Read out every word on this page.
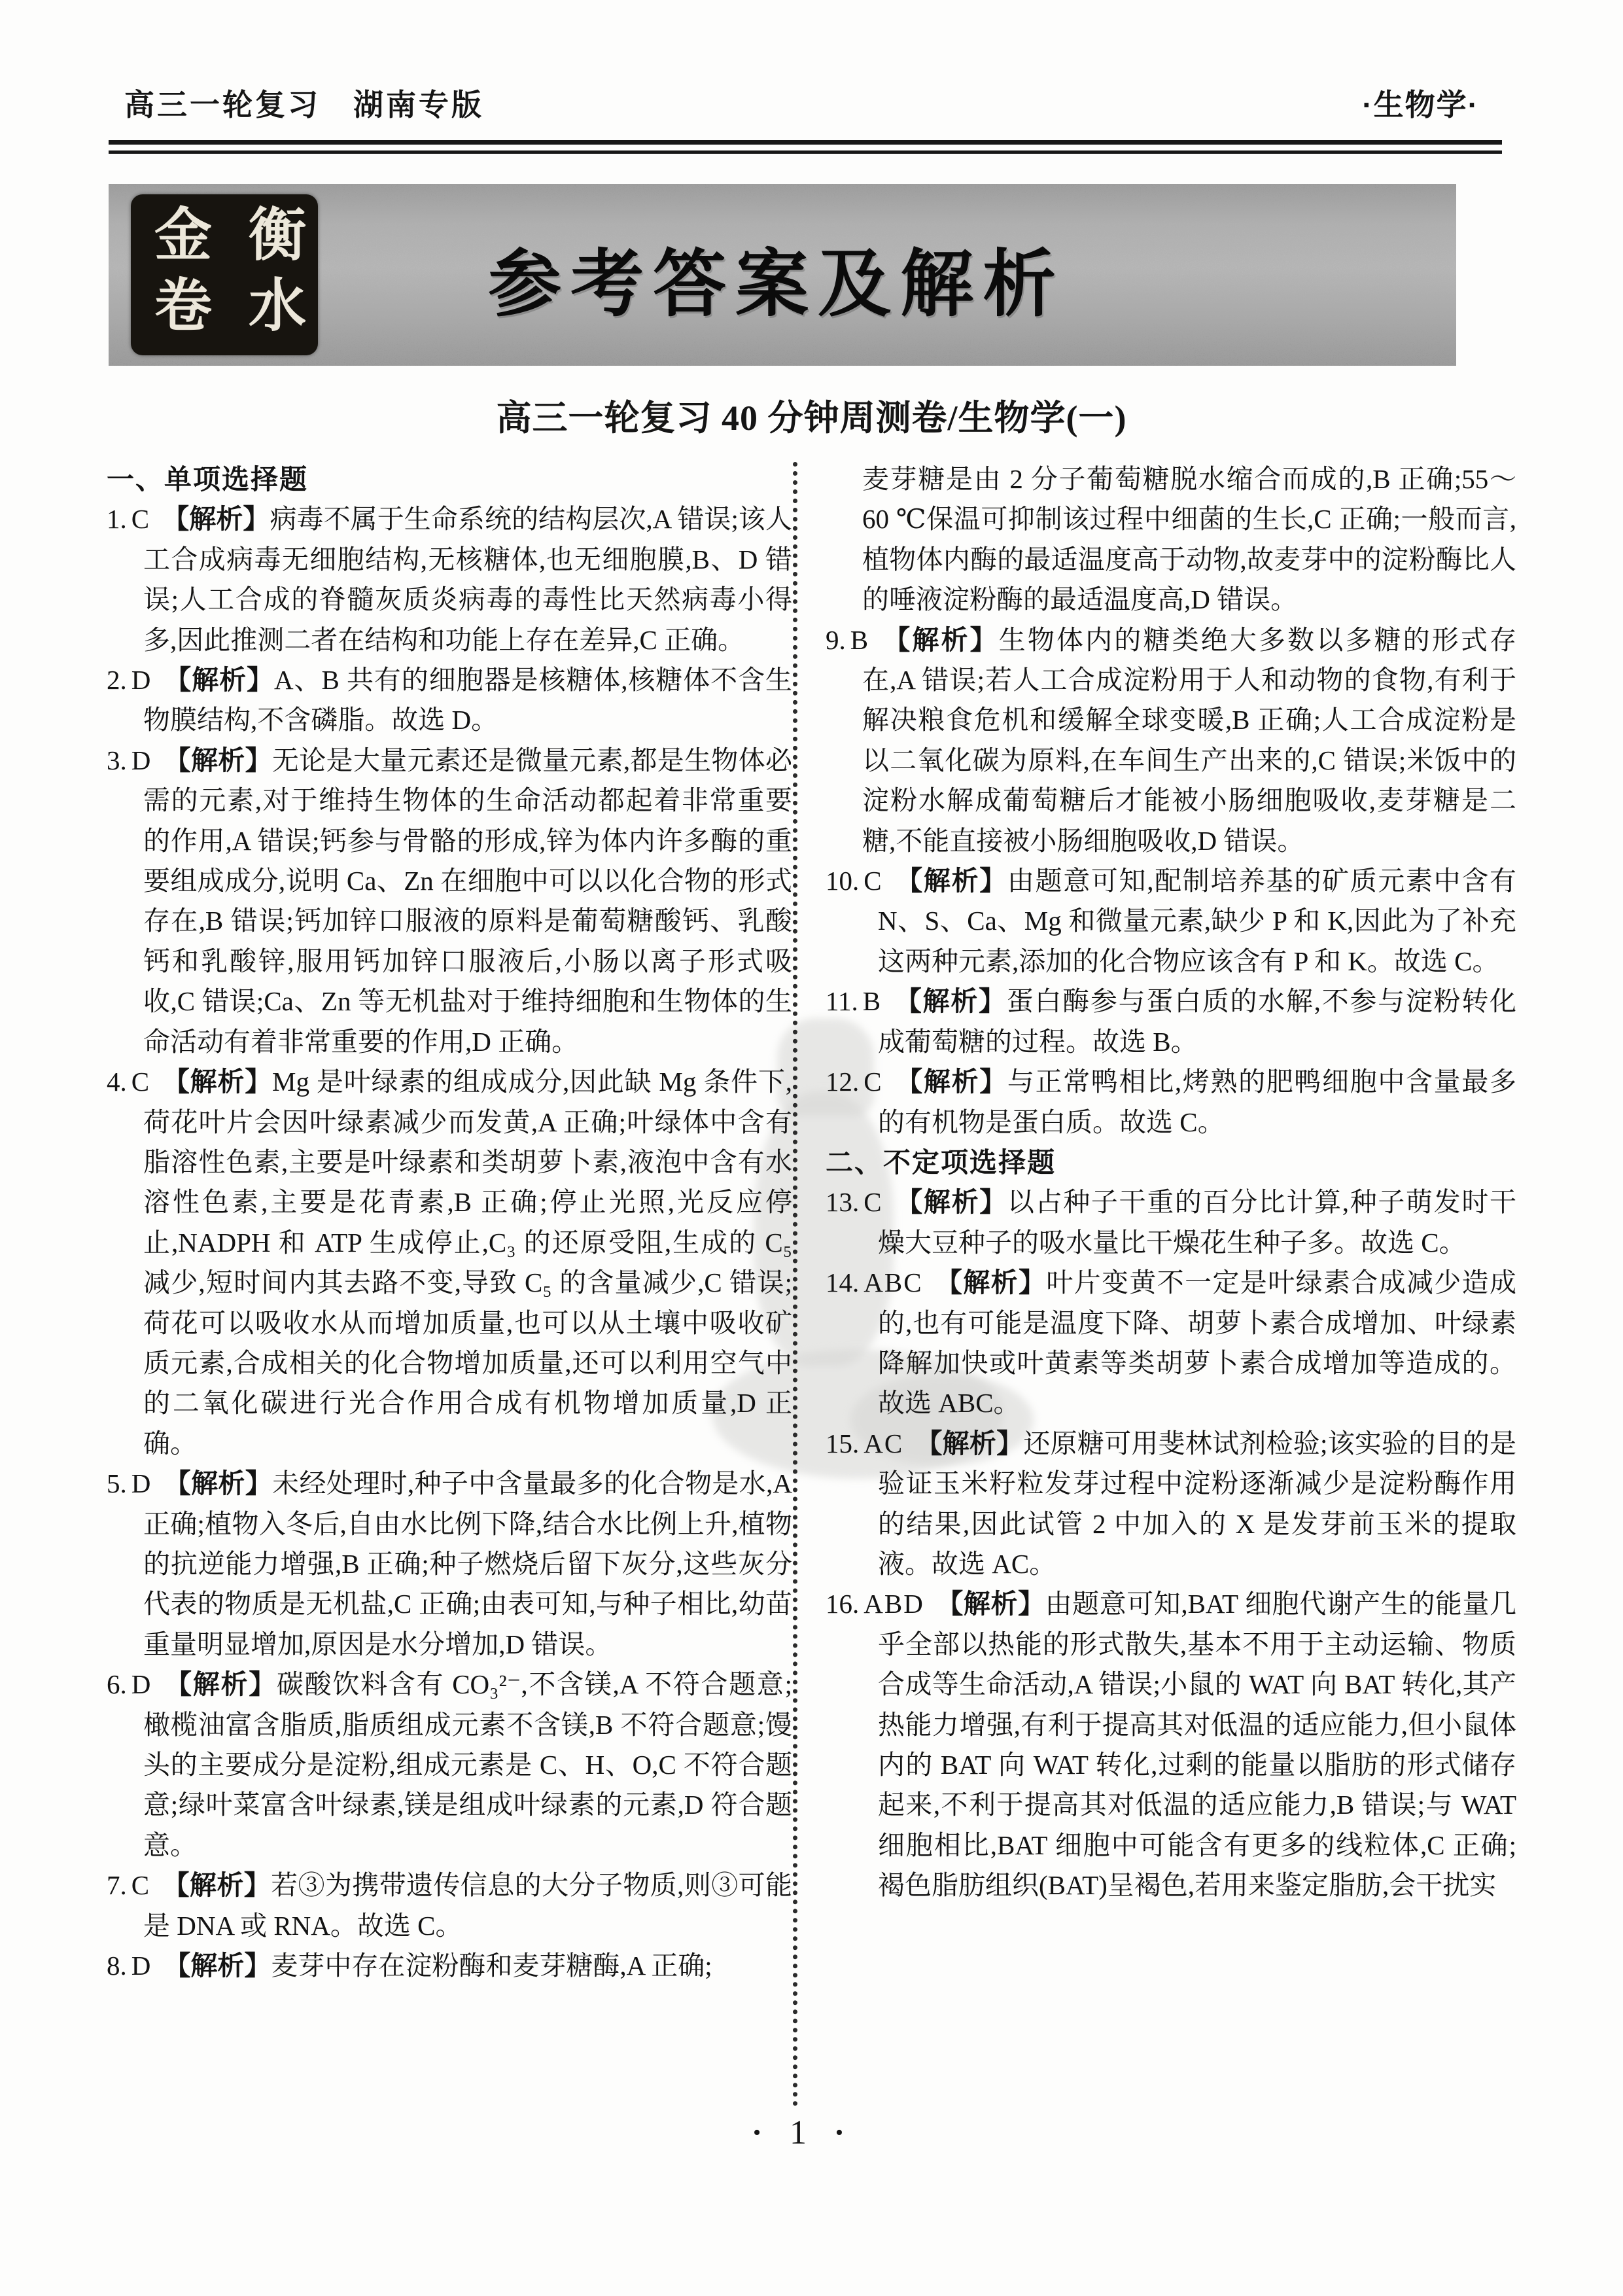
高三一轮复习　湖南专版	·生物学·
衡水
金卷	参考答案及解析
高三一轮复习 40 分钟周测卷/生物学(一)

一、单项选择题

1. C 【解析】病毒不属于生命系统的结构层次,A 错误;该人工合成病毒无细胞结构,无核糖体,也无细胞膜,B、D 错误;人工合成的脊髓灰质炎病毒的毒性比天然病毒小得多,因此推测二者在结构和功能上存在差异,C 正确。

2. D 【解析】A、B 共有的细胞器是核糖体,核糖体不含生物膜结构,不含磷脂。故选 D。

3. D 【解析】无论是大量元素还是微量元素,都是生物体必需的元素,对于维持生物体的生命活动都起着非常重要的作用,A 错误;钙参与骨骼的形成,锌为体内许多酶的重要组成成分,说明 Ca、Zn 在细胞中可以以化合物的形式存在,B 错误;钙加锌口服液的原料是葡萄糖酸钙、乳酸钙和乳酸锌,服用钙加锌口服液后,小肠以离子形式吸收,C 错误;Ca、Zn 等无机盐对于维持细胞和生物体的生命活动有着非常重要的作用,D 正确。

4. C 【解析】Mg 是叶绿素的组成成分,因此缺 Mg 条件下,荷花叶片会因叶绿素减少而发黄,A 正确;叶绿体中含有脂溶性色素,主要是叶绿素和类胡萝卜素,液泡中含有水溶性色素,主要是花青素,B 正确;停止光照,光反应停止,NADPH 和 ATP 生成停止,C₃ 的还原受阻,生成的 C₅ 减少,短时间内其去路不变,导致 C₅ 的含量减少,C 错误;荷花可以吸收水从而增加质量,也可以从土壤中吸收矿质元素,合成相关的化合物增加质量,还可以利用空气中的二氧化碳进行光合作用合成有机物增加质量,D 正确。

5. D 【解析】未经处理时,种子中含量最多的化合物是水,A 正确;植物入冬后,自由水比例下降,结合水比例上升,植物的抗逆能力增强,B 正确;种子燃烧后留下灰分,这些灰分代表的物质是无机盐,C 正确;由表可知,与种子相比,幼苗重量明显增加,原因是水分增加,D 错误。

6. D 【解析】碳酸饮料含有 CO₃²⁻,不含镁,A 不符合题意;橄榄油富含脂质,脂质组成元素不含镁,B 不符合题意;馒头的主要成分是淀粉,组成元素是 C、H、O,C 不符合题意;绿叶菜富含叶绿素,镁是组成叶绿素的元素,D 符合题意。

7. C 【解析】若③为携带遗传信息的大分子物质,则③可能是 DNA 或 RNA。故选 C。

8. D 【解析】麦芽中存在淀粉酶和麦芽糖酶,A 正确;

麦芽糖是由 2 分子葡萄糖脱水缩合而成的,B 正确;55～60 ℃保温可抑制该过程中细菌的生长,C 正确;一般而言,植物体内酶的最适温度高于动物,故麦芽中的淀粉酶比人的唾液淀粉酶的最适温度高,D 错误。

9. B 【解析】生物体内的糖类绝大多数以多糖的形式存在,A 错误;若人工合成淀粉用于人和动物的食物,有利于解决粮食危机和缓解全球变暖,B 正确;人工合成淀粉是以二氧化碳为原料,在车间生产出来的,C 错误;米饭中的淀粉水解成葡萄糖后才能被小肠细胞吸收,麦芽糖是二糖,不能直接被小肠细胞吸收,D 错误。

10. C 【解析】由题意可知,配制培养基的矿质元素中含有 N、S、Ca、Mg 和微量元素,缺少 P 和 K,因此为了补充这两种元素,添加的化合物应该含有 P 和 K。故选 C。

11. B 【解析】蛋白酶参与蛋白质的水解,不参与淀粉转化成葡萄糖的过程。故选 B。

12. C 【解析】与正常鸭相比,烤熟的肥鸭细胞中含量最多的有机物是蛋白质。故选 C。

二、不定项选择题

13. C 【解析】以占种子干重的百分比计算,种子萌发时干燥大豆种子的吸水量比干燥花生种子多。故选 C。

14. ABC 【解析】叶片变黄不一定是叶绿素合成减少造成的,也有可能是温度下降、胡萝卜素合成增加、叶绿素降解加快或叶黄素等类胡萝卜素合成增加等造成的。故选 ABC。

15. AC 【解析】还原糖可用斐林试剂检验;该实验的目的是验证玉米籽粒发芽过程中淀粉逐渐减少是淀粉酶作用的结果,因此试管 2 中加入的 X 是发芽前玉米的提取液。故选 AC。

16. ABD 【解析】由题意可知,BAT 细胞代谢产生的能量几乎全部以热能的形式散失,基本不用于主动运输、物质合成等生命活动,A 错误;小鼠的 WAT 向 BAT 转化,其产热能力增强,有利于提高其对低温的适应能力,但小鼠体内的 BAT 向 WAT 转化,过剩的能量以脂肪的形式储存起来,不利于提高其对低温的适应能力,B 错误;与 WAT 细胞相比,BAT 细胞中可能含有更多的线粒体,C 正确;褐色脂肪组织(BAT)呈褐色,若用来鉴定脂肪,会干扰实

• 1 •
